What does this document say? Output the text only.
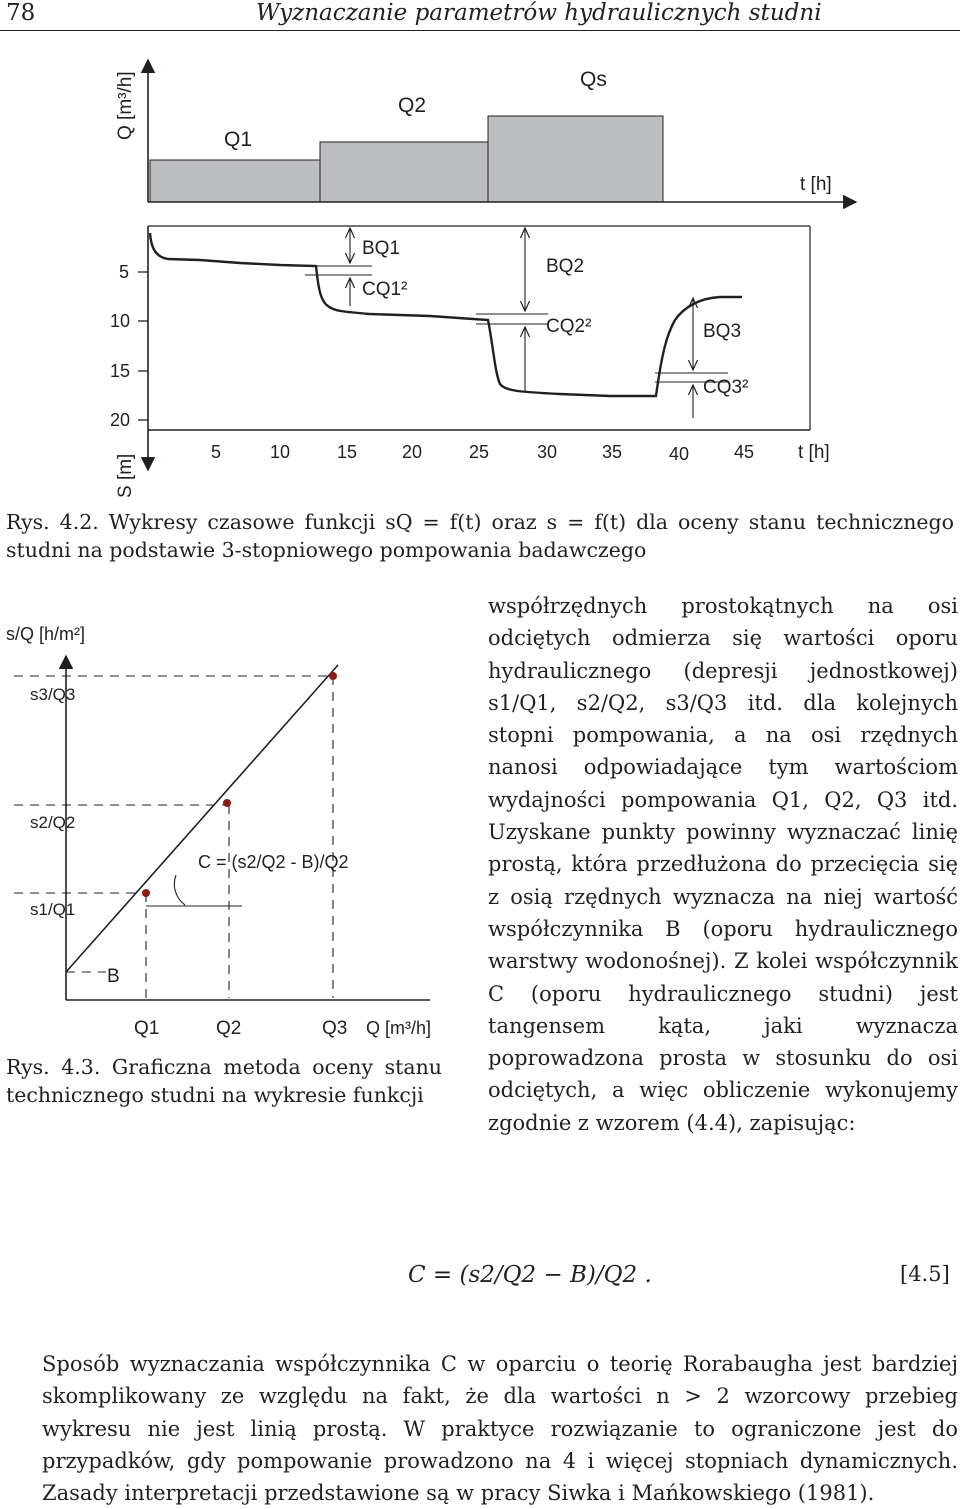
78	Wyznaczanie parametrów hydraulicznych studni
Q [m³/h]	Q1
Q2
Qs
t [h]
5
10
15
20
S [m]
5	10	15 20	25	30 35	40 45 t [h]
BQ1
CQ1²
BQ2
CQ2²	BQ3
CQ3²
Rys. 4.2. Wykresy czasowe funkcji sQ = f(t) oraz s = f(t) dla oceny stanu technicznego studni na podstawie 3-stopniowego pompowania badawczego
s/Q [h/m²]
s3/Q3
s2/Q2
s1/Q1
B
C = (s2/Q2 - B)/Q2
Q1	Q2	Q3 Q [m³/h]
Rys. 4.3. Graficzna metoda oceny stanu technicznego studni na wykresie funkcji
współrzędnych prostokątnych na osi odciętych odmierza się wartości oporu hydraulicznego (depresji jednostkowej) s1/Q1, s2/Q2, s3/Q3 itd. dla kolejnych stopni pompowania, a na osi rzędnych nanosi odpowiadające tym wartościom wydajności pompowania Q1, Q2, Q3 itd. Uzyskane punkty powinny wyznaczać linię prostą, która przedłużona do przecięcia się z osią rzędnych wyznacza na niej wartość współczynnika B (oporu hydraulicznego warstwy wodonośnej). Z kolei współczynnik C (oporu hydraulicznego studni) jest tangensem kąta, jaki wyznacza poprowadzona prosta w stosunku do osi odciętych, a więc obliczenie wykonujemy zgodnie z wzorem (4.4), zapisując:
C = (s2/Q2 − B)/Q2 .	[4.5]
Sposób wyznaczania współczynnika C w oparciu o teorię Rorabaugha jest bardziej skomplikowany ze względu na fakt, że dla wartości n > 2 wzorcowy przebieg wykresu nie jest linią prostą. W praktyce rozwiązanie to ograniczone jest do przypadków, gdy pompowanie prowadzono na 4 i więcej stopniach dynamicznych. Zasady interpretacji przedstawione są w pracy Siwka i Mańkowskiego (1981).
